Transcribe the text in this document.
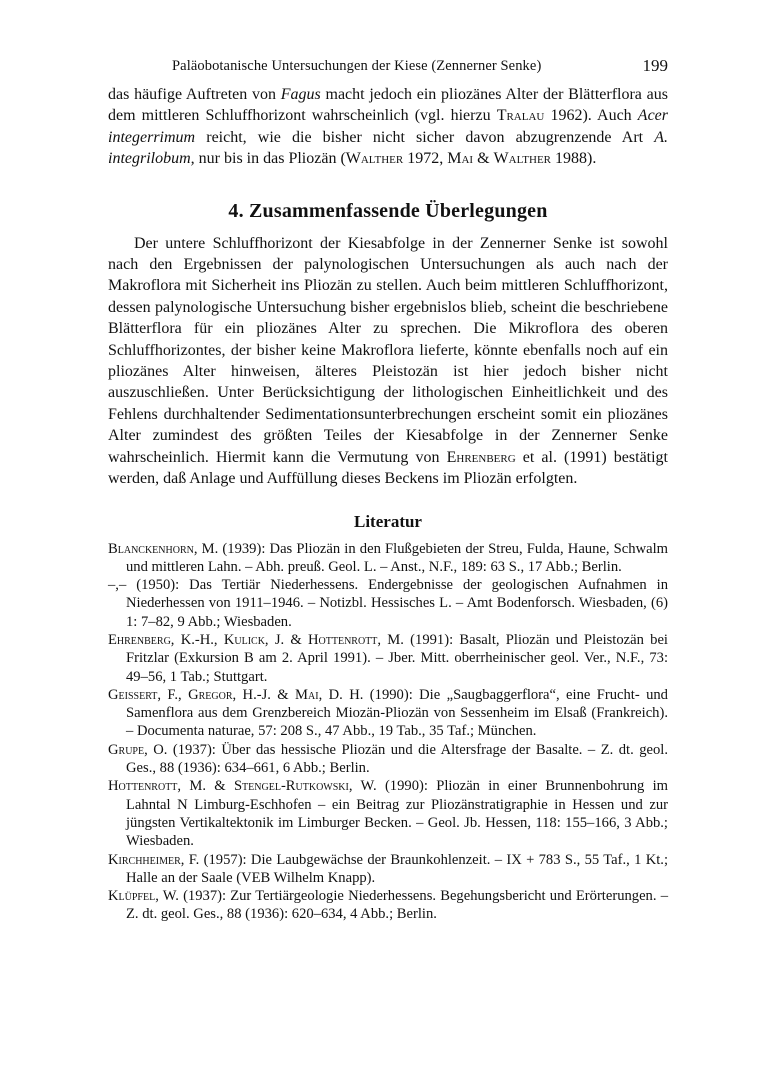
Paläobotanische Untersuchungen der Kiese (Zennerner Senke)	199

das häufige Auftreten von Fagus macht jedoch ein pliozänes Alter der Blätterflora aus dem mittleren Schluffhorizont wahrscheinlich (vgl. hierzu Tralau 1962). Auch Acer integerrimum reicht, wie die bisher nicht sicher davon abzugrenzende Art A. integrilobum, nur bis in das Pliozän (Walther 1972, Mai & Walther 1988).

4. Zusammenfassende Überlegungen

Der untere Schluffhorizont der Kiesabfolge in der Zennerner Senke ist sowohl nach den Ergebnissen der palynologischen Untersuchungen als auch nach der Makroflora mit Sicherheit ins Pliozän zu stellen. Auch beim mittleren Schluffhorizont, dessen palynologische Untersuchung bisher ergebnislos blieb, scheint die beschriebene Blätterflora für ein pliozänes Alter zu sprechen. Die Mikroflora des oberen Schluffhorizontes, der bisher keine Makroflora lieferte, könnte ebenfalls noch auf ein pliozänes Alter hinweisen, älteres Pleistozän ist hier jedoch bisher nicht auszuschließen. Unter Berücksichtigung der lithologischen Einheitlichkeit und des Fehlens durchhaltender Sedimentationsunterbrechungen erscheint somit ein pliozänes Alter zumindest des größten Teiles der Kiesabfolge in der Zennerner Senke wahrscheinlich. Hiermit kann die Vermutung von Ehrenberg et al. (1991) bestätigt werden, daß Anlage und Auffüllung dieses Beckens im Pliozän erfolgten.

Literatur

Blanckenhorn, M. (1939): Das Pliozän in den Flußgebieten der Streu, Fulda, Haune, Schwalm und mittleren Lahn. – Abh. preuß. Geol. L. – Anst., N.F., 189: 63 S., 17 Abb.; Berlin.

–,– (1950): Das Tertiär Niederhessens. Endergebnisse der geologischen Aufnahmen in Niederhessen von 1911–1946. – Notizbl. Hessisches L. – Amt Bodenforsch. Wiesbaden, (6) 1: 7–82, 9 Abb.; Wiesbaden.

Ehrenberg, K.-H., Kulick, J. & Hottenrott, M. (1991): Basalt, Pliozän und Pleistozän bei Fritzlar (Exkursion B am 2. April 1991). – Jber. Mitt. oberrheinischer geol. Ver., N.F., 73: 49–56, 1 Tab.; Stuttgart.

Geissert, F., Gregor, H.-J. & Mai, D. H. (1990): Die „Saugbaggerflora“, eine Frucht- und Samenflora aus dem Grenzbereich Miozän-Pliozän von Sessenheim im Elsaß (Frankreich). – Documenta naturae, 57: 208 S., 47 Abb., 19 Tab., 35 Taf.; München.

Grupe, O. (1937): Über das hessische Pliozän und die Altersfrage der Basalte. – Z. dt. geol. Ges., 88 (1936): 634–661, 6 Abb.; Berlin.

Hottenrott, M. & Stengel-Rutkowski, W. (1990): Pliozän in einer Brunnenbohrung im Lahntal N Limburg-Eschhofen – ein Beitrag zur Pliozänstratigraphie in Hessen und zur jüngsten Vertikaltektonik im Limburger Becken. – Geol. Jb. Hessen, 118: 155–166, 3 Abb.; Wiesbaden.

Kirchheimer, F. (1957): Die Laubgewächse der Braunkohlenzeit. – IX + 783 S., 55 Taf., 1 Kt.; Halle an der Saale (VEB Wilhelm Knapp).

Klüpfel, W. (1937): Zur Tertiärgeologie Niederhessens. Begehungsbericht und Erörterungen. – Z. dt. geol. Ges., 88 (1936): 620–634, 4 Abb.; Berlin.
